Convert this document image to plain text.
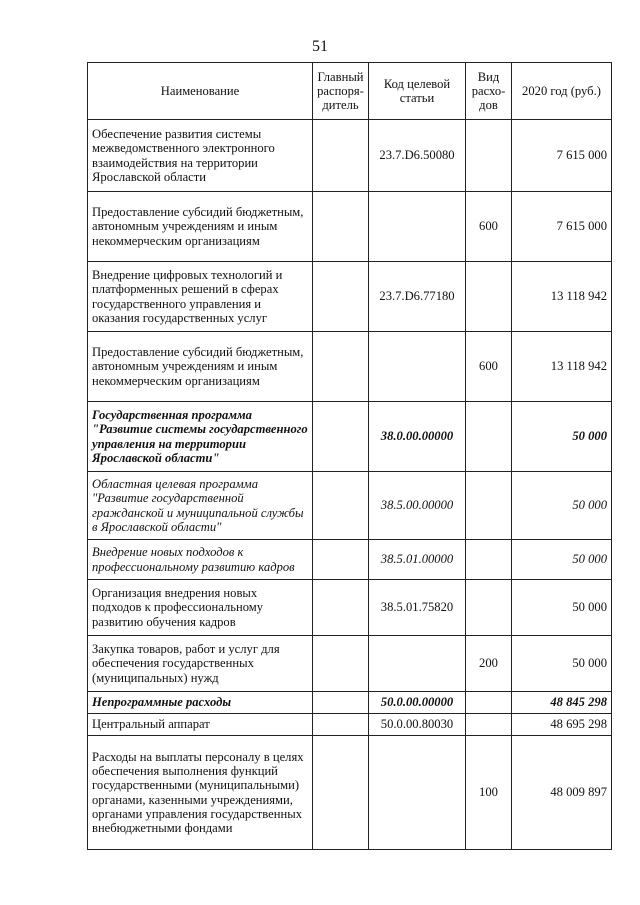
51
Наименование	Главный распоря-дитель	Код целевой статьи	Вид расхо-дов	2020 год (руб.)
Обеспечение развития системы межведомственного электронного взаимодействия на территории Ярославской области		23.7.D6.50080		7 615 000
Предоставление субсидий бюджетным, автономным учреждениям и иным некоммерческим организациям			600	7 615 000
Внедрение цифровых технологий и платформенных решений в сферах государственного управления и оказания государственных услуг		23.7.D6.77180		13 118 942
Предоставление субсидий бюджетным, автономным учреждениям и иным некоммерческим организациям			600	13 118 942
Государственная программа "Развитие системы государственного управления на территории Ярославской области"		38.0.00.00000		50 000
Областная целевая программа "Развитие государственной гражданской и муниципальной службы в Ярославской области"		38.5.00.00000		50 000
Внедрение новых подходов к профессиональному развитию кадров		38.5.01.00000		50 000
Организация внедрения новых подходов к профессиональному развитию обучения кадров		38.5.01.75820		50 000
Закупка товаров, работ и услуг для обеспечения государственных (муниципальных) нужд			200	50 000
Непрограммные расходы		50.0.00.00000		48 845 298
Центральный аппарат		50.0.00.80030		48 695 298
Расходы на выплаты персоналу в целях обеспечения выполнения функций государственными (муниципальными) органами, казенными учреждениями, органами управления государственных внебюджетными фондами			100	48 009 897
